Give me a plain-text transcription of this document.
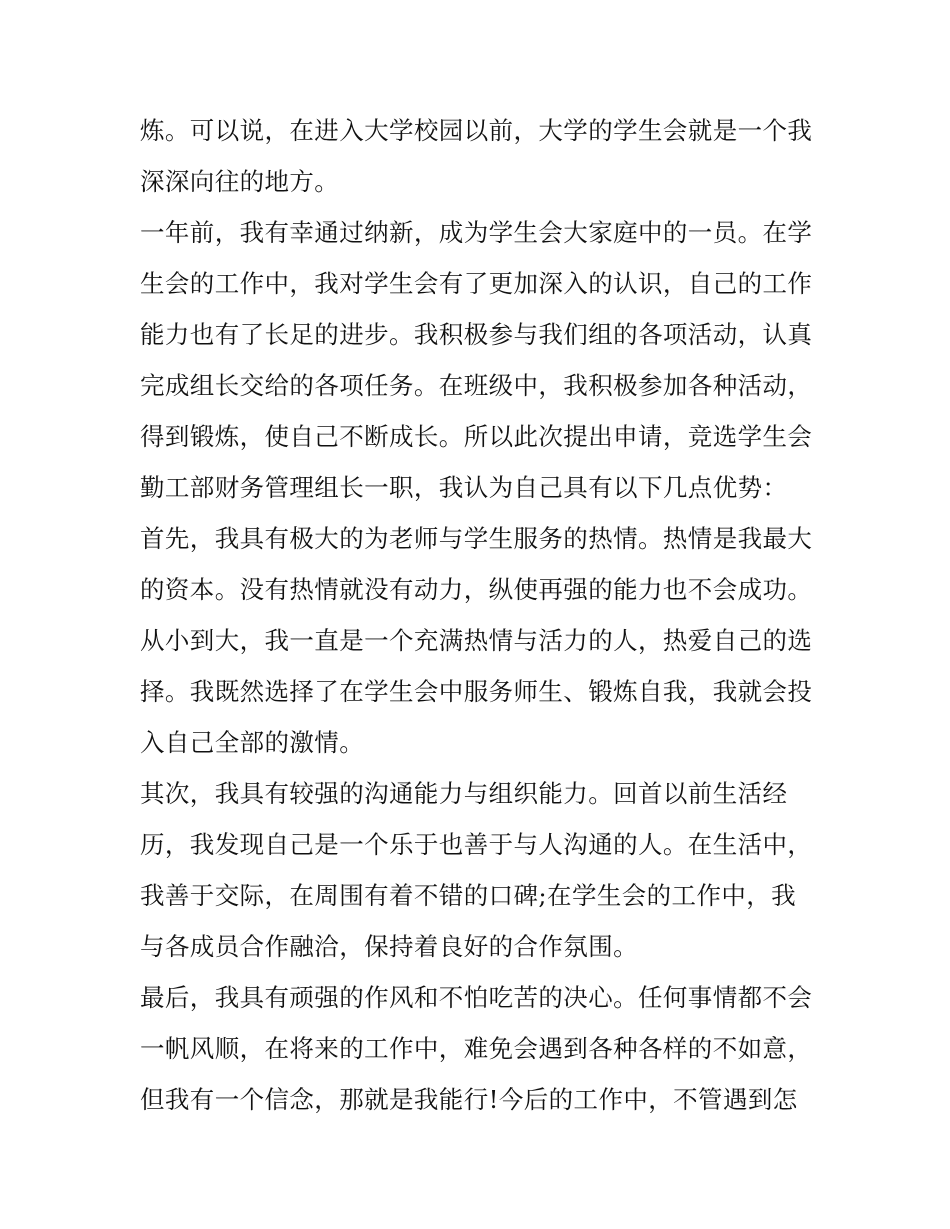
炼。可以说，在进入大学校园以前，大学的学生会就是一个我
深深向往的地方。
一年前，我有幸通过纳新，成为学生会大家庭中的一员。在学
生会的工作中，我对学生会有了更加深入的认识，自己的工作
能力也有了长足的进步。我积极参与我们组的各项活动，认真
完成组长交给的各项任务。在班级中，我积极参加各种活动，
得到锻炼，使自己不断成长。所以此次提出申请，竞选学生会
勤工部财务管理组长一职，我认为自己具有以下几点优势：
首先，我具有极大的为老师与学生服务的热情。热情是我最大
的资本。没有热情就没有动力，纵使再强的能力也不会成功。
从小到大，我一直是一个充满热情与活力的人，热爱自己的选
择。我既然选择了在学生会中服务师生、锻炼自我，我就会投
入自己全部的激情。
其次，我具有较强的沟通能力与组织能力。回首以前生活经
历，我发现自己是一个乐于也善于与人沟通的人。在生活中，
我善于交际，在周围有着不错的口碑;在学生会的工作中，我
与各成员合作融洽，保持着良好的合作氛围。
最后，我具有顽强的作风和不怕吃苦的决心。任何事情都不会
一帆风顺，在将来的工作中，难免会遇到各种各样的不如意，
但我有一个信念，那就是我能行!今后的工作中，不管遇到怎
